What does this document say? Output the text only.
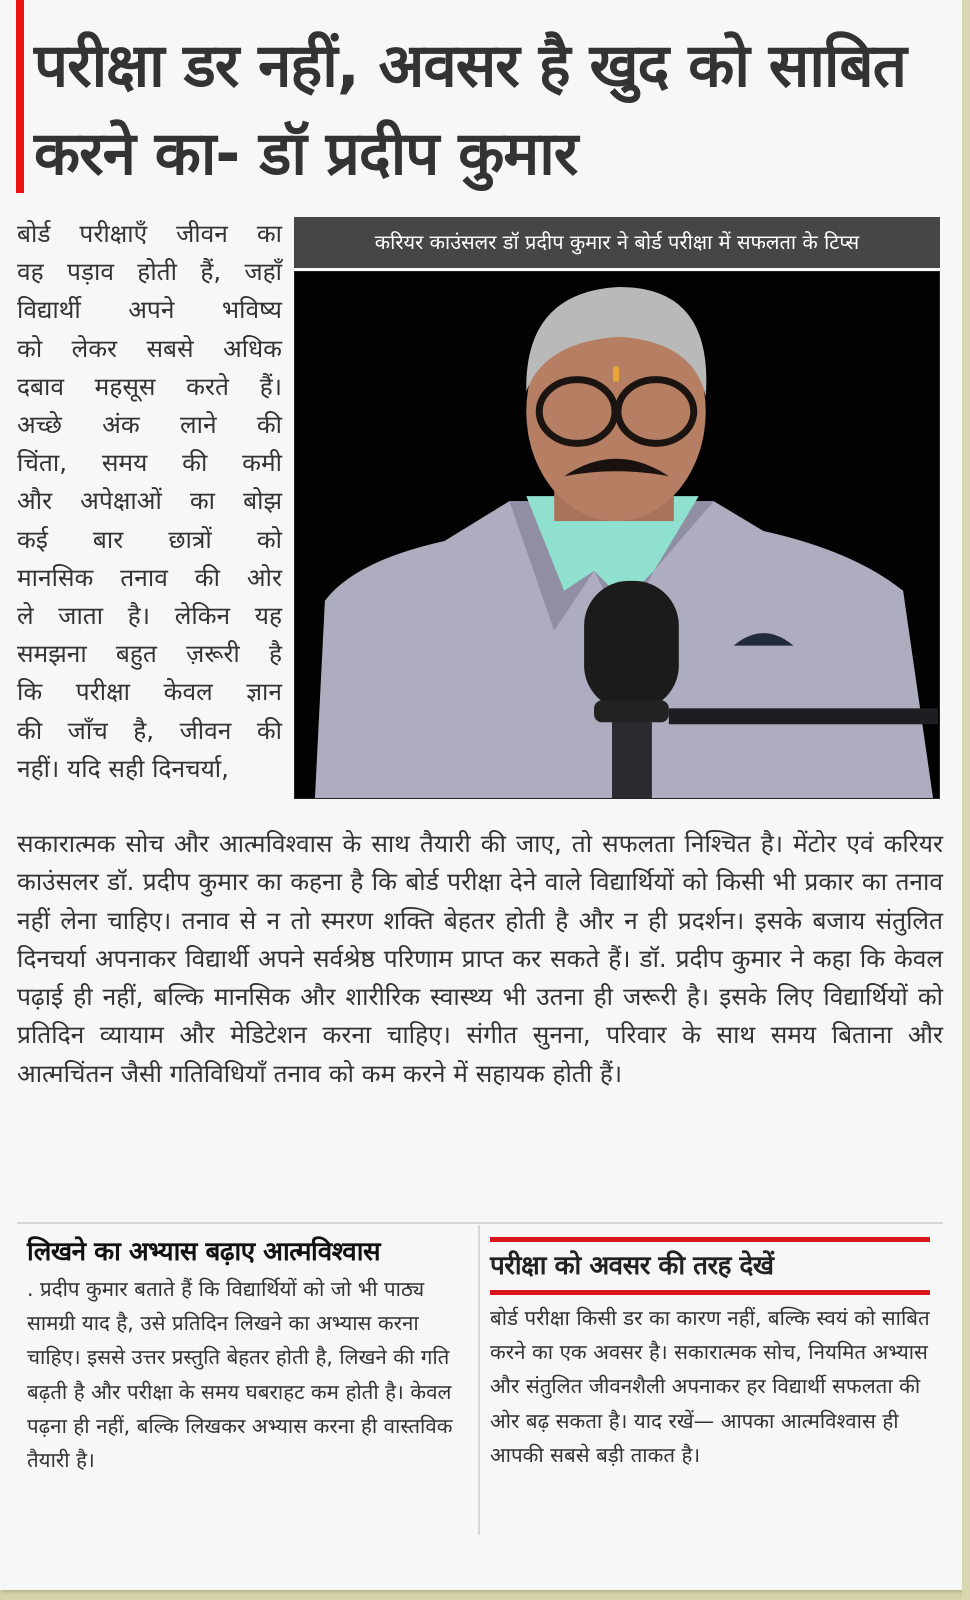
परीक्षा डर नहीं, अवसर है खुद को साबित करने का- डॉ प्रदीप कुमार
बोर्ड परीक्षाएँ जीवन का
वह पड़ाव होती हैं, जहाँ
विद्यार्थी अपने भविष्य
को लेकर सबसे अधिक
दबाव महसूस करते हैं।
अच्छे अंक लाने की
चिंता, समय की कमी
और अपेक्षाओं का बोझ
कई बार छात्रों को
मानसिक तनाव की ओर
ले जाता है। लेकिन यह
समझना बहुत ज़रूरी है
कि परीक्षा केवल ज्ञान
की जाँच है, जीवन की
नहीं। यदि सही दिनचर्या,
करियर काउंसलर डॉ प्रदीप कुमार ने बोर्ड परीक्षा में सफलता के टिप्स

सकारात्मक सोच और आत्मविश्वास के साथ तैयारी की जाए, तो सफलता निश्चित है। मेंटोर एवं करियर काउंसलर डॉ. प्रदीप कुमार का कहना है कि बोर्ड परीक्षा देने वाले विद्यार्थियों को किसी भी प्रकार का तनाव नहीं लेना चाहिए। तनाव से न तो स्मरण शक्ति बेहतर होती है और न ही प्रदर्शन। इसके बजाय संतुलित दिनचर्या अपनाकर विद्यार्थी अपने सर्वश्रेष्ठ परिणाम प्राप्त कर सकते हैं। डॉ. प्रदीप कुमार ने कहा कि केवल पढ़ाई ही नहीं, बल्कि मानसिक और शारीरिक स्वास्थ्य भी उतना ही जरूरी है। इसके लिए विद्यार्थियों को प्रतिदिन व्यायाम और मेडिटेशन करना चाहिए। संगीत सुनना, परिवार के साथ समय बिताना और आत्मचिंतन जैसी गतिविधियाँ तनाव को कम करने में सहायक होती हैं।

लिखने का अभ्यास बढ़ाए आत्मविश्वास

. प्रदीप कुमार बताते हैं कि विद्यार्थियों को जो भी पाठ्य सामग्री याद है, उसे प्रतिदिन लिखने का अभ्यास करना चाहिए। इससे उत्तर प्रस्तुति बेहतर होती है, लिखने की गति बढ़ती है और परीक्षा के समय घबराहट कम होती है। केवल पढ़ना ही नहीं, बल्कि लिखकर अभ्यास करना ही वास्तविक तैयारी है।

परीक्षा को अवसर की तरह देखें

बोर्ड परीक्षा किसी डर का कारण नहीं, बल्कि स्वयं को साबित करने का एक अवसर है। सकारात्मक सोच, नियमित अभ्यास और संतुलित जीवनशैली अपनाकर हर विद्यार्थी सफलता की ओर बढ़ सकता है। याद रखें— आपका आत्मविश्वास ही आपकी सबसे बड़ी ताकत है।
